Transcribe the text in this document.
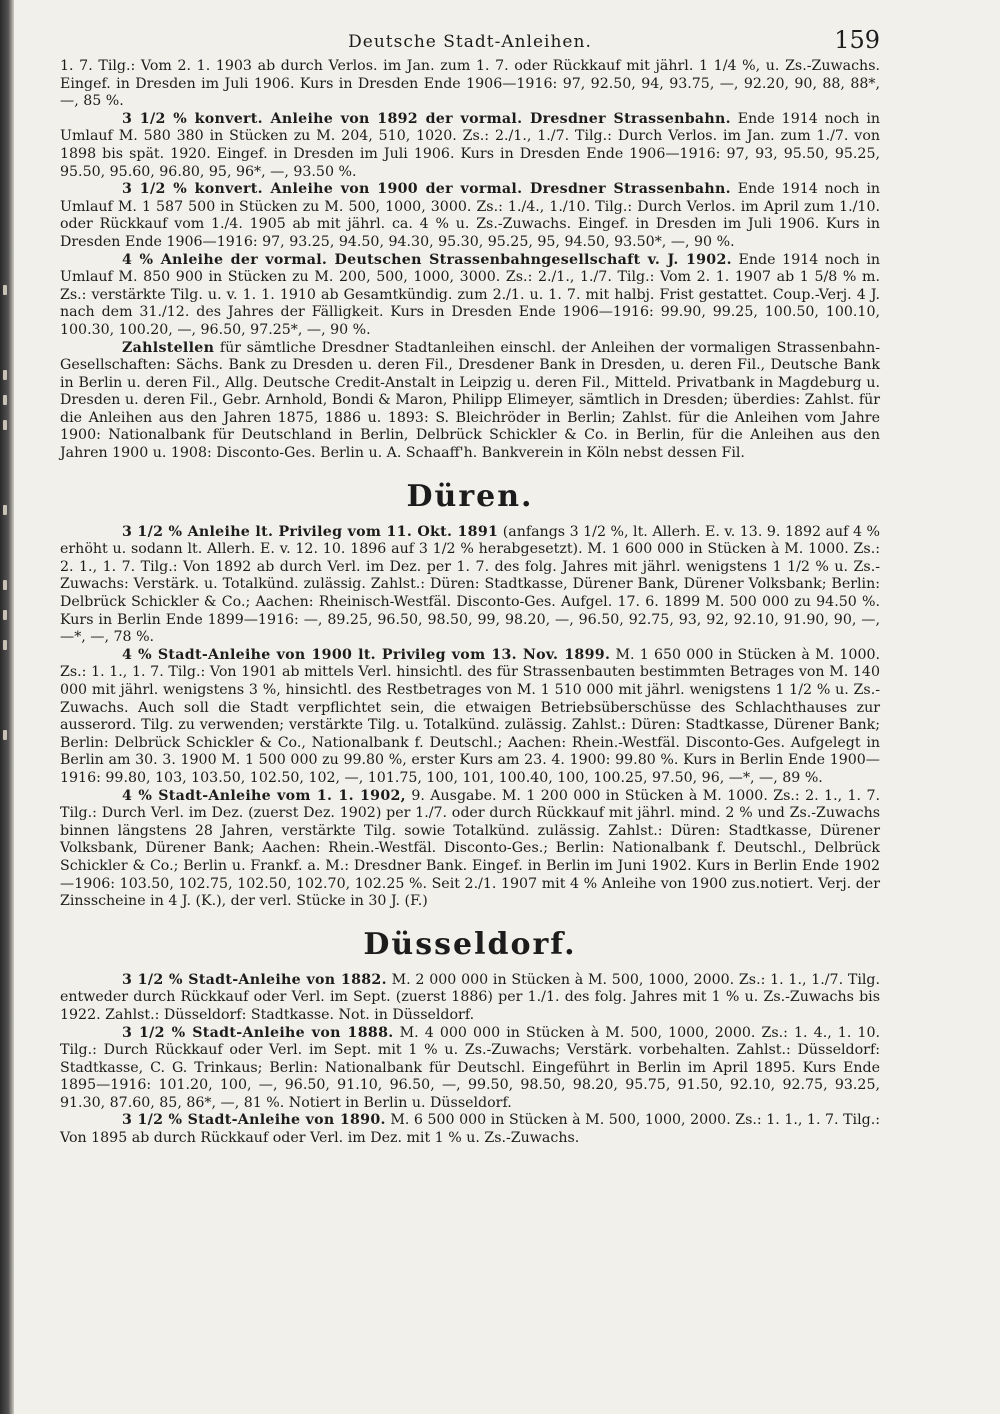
Deutsche Stadt-Anleihen.	159

1. 7. Tilg.: Vom 2. 1. 1903 ab durch Verlos. im Jan. zum 1. 7. oder Rückkauf mit jährl. 1 1/4 %, u. Zs.-Zuwachs. Eingef. in Dresden im Juli 1906. Kurs in Dresden Ende 1906—1916: 97, 92.50, 94, 93.75, —, 92.20, 90, 88, 88*, —, 85 %.

3 1/2 % konvert. Anleihe von 1892 der vormal. Dresdner Strassenbahn. Ende 1914 noch in Umlauf M. 580 380 in Stücken zu M. 204, 510, 1020. Zs.: 2./1., 1./7. Tilg.: Durch Verlos. im Jan. zum 1./7. von 1898 bis spät. 1920. Eingef. in Dresden im Juli 1906. Kurs in Dresden Ende 1906—1916: 97, 93, 95.50, 95.25, 95.50, 95.60, 96.80, 95, 96*, —, 93.50 %.

3 1/2 % konvert. Anleihe von 1900 der vormal. Dresdner Strassenbahn. Ende 1914 noch in Umlauf M. 1 587 500 in Stücken zu M. 500, 1000, 3000. Zs.: 1./4., 1./10. Tilg.: Durch Verlos. im April zum 1./10. oder Rückkauf vom 1./4. 1905 ab mit jährl. ca. 4 % u. Zs.-Zuwachs. Eingef. in Dresden im Juli 1906. Kurs in Dresden Ende 1906—1916: 97, 93.25, 94.50, 94.30, 95.30, 95.25, 95, 94.50, 93.50*, —, 90 %.

4 % Anleihe der vormal. Deutschen Strassenbahngesellschaft v. J. 1902. Ende 1914 noch in Umlauf M. 850 900 in Stücken zu M. 200, 500, 1000, 3000. Zs.: 2./1., 1./7. Tilg.: Vom 2. 1. 1907 ab 1 5/8 % m. Zs.: verstärkte Tilg. u. v. 1. 1. 1910 ab Gesamtkündig. zum 2./1. u. 1. 7. mit halbj. Frist gestattet. Coup.-Verj. 4 J. nach dem 31./12. des Jahres der Fälligkeit. Kurs in Dresden Ende 1906—1916: 99.90, 99.25, 100.50, 100.10, 100.30, 100.20, —, 96.50, 97.25*, —, 90 %.

Zahlstellen für sämtliche Dresdner Stadtanleihen einschl. der Anleihen der vormaligen Strassenbahn-Gesellschaften: Sächs. Bank zu Dresden u. deren Fil., Dresdener Bank in Dresden, u. deren Fil., Deutsche Bank in Berlin u. deren Fil., Allg. Deutsche Credit-Anstalt in Leipzig u. deren Fil., Mitteld. Privatbank in Magdeburg u. Dresden u. deren Fil., Gebr. Arnhold, Bondi & Maron, Philipp Elimeyer, sämtlich in Dresden; überdies: Zahlst. für die Anleihen aus den Jahren 1875, 1886 u. 1893: S. Bleichröder in Berlin; Zahlst. für die Anleihen vom Jahre 1900: Nationalbank für Deutschland in Berlin, Delbrück Schickler & Co. in Berlin, für die Anleihen aus den Jahren 1900 u. 1908: Disconto-Ges. Berlin u. A. Schaaff'h. Bankverein in Köln nebst dessen Fil.

Düren.

3 1/2 % Anleihe lt. Privileg vom 11. Okt. 1891 (anfangs 3 1/2 %, lt. Allerh. E. v. 13. 9. 1892 auf 4 % erhöht u. sodann lt. Allerh. E. v. 12. 10. 1896 auf 3 1/2 % herabgesetzt). M. 1 600 000 in Stücken à M. 1000. Zs.: 2. 1., 1. 7. Tilg.: Von 1892 ab durch Verl. im Dez. per 1. 7. des folg. Jahres mit jährl. wenigstens 1 1/2 % u. Zs.-Zuwachs: Verstärk. u. Totalkünd. zulässig. Zahlst.: Düren: Stadtkasse, Dürener Bank, Dürener Volksbank; Berlin: Delbrück Schickler & Co.; Aachen: Rheinisch-Westfäl. Disconto-Ges. Aufgel. 17. 6. 1899 M. 500 000 zu 94.50 %. Kurs in Berlin Ende 1899—1916: —, 89.25, 96.50, 98.50, 99, 98.20, —, 96.50, 92.75, 93, 92, 92.10, 91.90, 90, —, —*, —, 78 %.

4 % Stadt-Anleihe von 1900 lt. Privileg vom 13. Nov. 1899. M. 1 650 000 in Stücken à M. 1000. Zs.: 1. 1., 1. 7. Tilg.: Von 1901 ab mittels Verl. hinsichtl. des für Strassenbauten bestimmten Betrages von M. 140 000 mit jährl. wenigstens 3 %, hinsichtl. des Restbetrages von M. 1 510 000 mit jährl. wenigstens 1 1/2 % u. Zs.-Zuwachs. Auch soll die Stadt verpflichtet sein, die etwaigen Betriebsüberschüsse des Schlachthauses zur ausserord. Tilg. zu verwenden; verstärkte Tilg. u. Totalkünd. zulässig. Zahlst.: Düren: Stadtkasse, Dürener Bank; Berlin: Delbrück Schickler & Co., Nationalbank f. Deutschl.; Aachen: Rhein.-Westfäl. Disconto-Ges. Aufgelegt in Berlin am 30. 3. 1900 M. 1 500 000 zu 99.80 %, erster Kurs am 23. 4. 1900: 99.80 %. Kurs in Berlin Ende 1900—1916: 99.80, 103, 103.50, 102.50, 102, —, 101.75, 100, 101, 100.40, 100, 100.25, 97.50, 96, —*, —, 89 %.

4 % Stadt-Anleihe vom 1. 1. 1902, 9. Ausgabe. M. 1 200 000 in Stücken à M. 1000. Zs.: 2. 1., 1. 7. Tilg.: Durch Verl. im Dez. (zuerst Dez. 1902) per 1./7. oder durch Rückkauf mit jährl. mind. 2 % und Zs.-Zuwachs binnen längstens 28 Jahren, verstärkte Tilg. sowie Totalkünd. zulässig. Zahlst.: Düren: Stadtkasse, Dürener Volksbank, Dürener Bank; Aachen: Rhein.-Westfäl. Disconto-Ges.; Berlin: Nationalbank f. Deutschl., Delbrück Schickler & Co.; Berlin u. Frankf. a. M.: Dresdner Bank. Eingef. in Berlin im Juni 1902. Kurs in Berlin Ende 1902—1906: 103.50, 102.75, 102.50, 102.70, 102.25 %. Seit 2./1. 1907 mit 4 % Anleihe von 1900 zus.notiert. Verj. der Zinsscheine in 4 J. (K.), der verl. Stücke in 30 J. (F.)

Düsseldorf.

3 1/2 % Stadt-Anleihe von 1882. M. 2 000 000 in Stücken à M. 500, 1000, 2000. Zs.: 1. 1., 1./7. Tilg. entweder durch Rückkauf oder Verl. im Sept. (zuerst 1886) per 1./1. des folg. Jahres mit 1 % u. Zs.-Zuwachs bis 1922. Zahlst.: Düsseldorf: Stadtkasse. Not. in Düsseldorf.

3 1/2 % Stadt-Anleihe von 1888. M. 4 000 000 in Stücken à M. 500, 1000, 2000. Zs.: 1. 4., 1. 10. Tilg.: Durch Rückkauf oder Verl. im Sept. mit 1 % u. Zs.-Zuwachs; Verstärk. vorbehalten. Zahlst.: Düsseldorf: Stadtkasse, C. G. Trinkaus; Berlin: Nationalbank für Deutschl. Eingeführt in Berlin im April 1895. Kurs Ende 1895—1916: 101.20, 100, —, 96.50, 91.10, 96.50, —, 99.50, 98.50, 98.20, 95.75, 91.50, 92.10, 92.75, 93.25, 91.30, 87.60, 85, 86*, —, 81 %. Notiert in Berlin u. Düsseldorf.

3 1/2 % Stadt-Anleihe von 1890. M. 6 500 000 in Stücken à M. 500, 1000, 2000. Zs.: 1. 1., 1. 7. Tilg.: Von 1895 ab durch Rückkauf oder Verl. im Dez. mit 1 % u. Zs.-Zuwachs.
